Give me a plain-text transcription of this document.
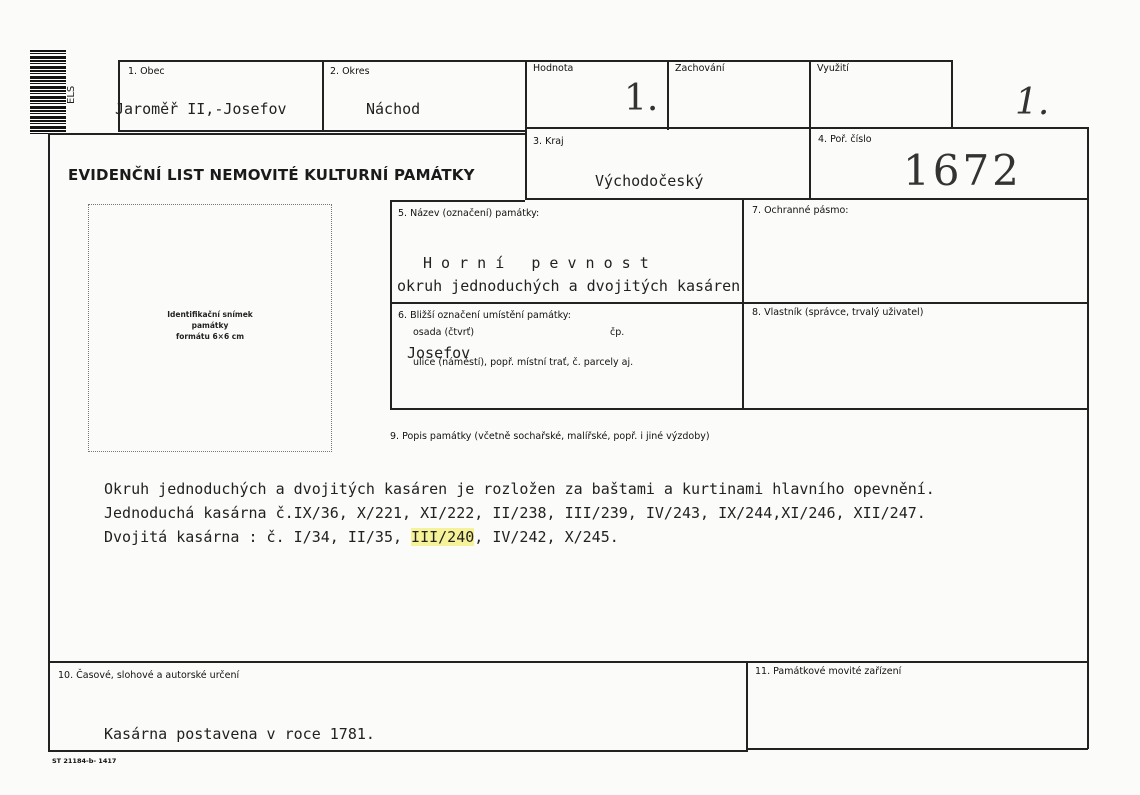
ELS
1. Obec
Jaroměř II,-Josefov
2. Okres
Náchod
Hodnota
1.
Zachování	Využití
1.
3. Kraj
Východočeský
4. Poř. číslo
1672
EVIDENČNÍ LIST NEMOVITÉ KULTURNÍ PAMÁTKY
Identifikační snímek
památky
formátu 6×6 cm
5. Název (označení) památky:
H o r n í   p e v n o s t
okruh jednoduchých a dvojitých kasáren
7. Ochranné pásmo:
6. Bližší označení umístění památky:
osada (čtvrť)	čp.
Josefov
ulice (náměstí), popř. místní trať, č. parcely aj.
8. Vlastník (správce, trvalý uživatel)
9. Popis památky (včetně sochařské, malířské, popř. i jiné výzdoby)
Okruh jednoduchých a dvojitých kasáren je rozložen za baštami a kurtinami hlavního opevnění.
Jednoduchá kasárna č.IX/36, X/221, XI/222, II/238, III/239, IV/243, IX/244,XI/246, XII/247.
Dvojitá kasárna : č. I/34, II/35, III/240, IV/242, X/245.
10. Časové, slohové a autorské určení
Kasárna postavena v roce 1781.
11. Památkové movité zařízení
ST 21184-b- 1417
